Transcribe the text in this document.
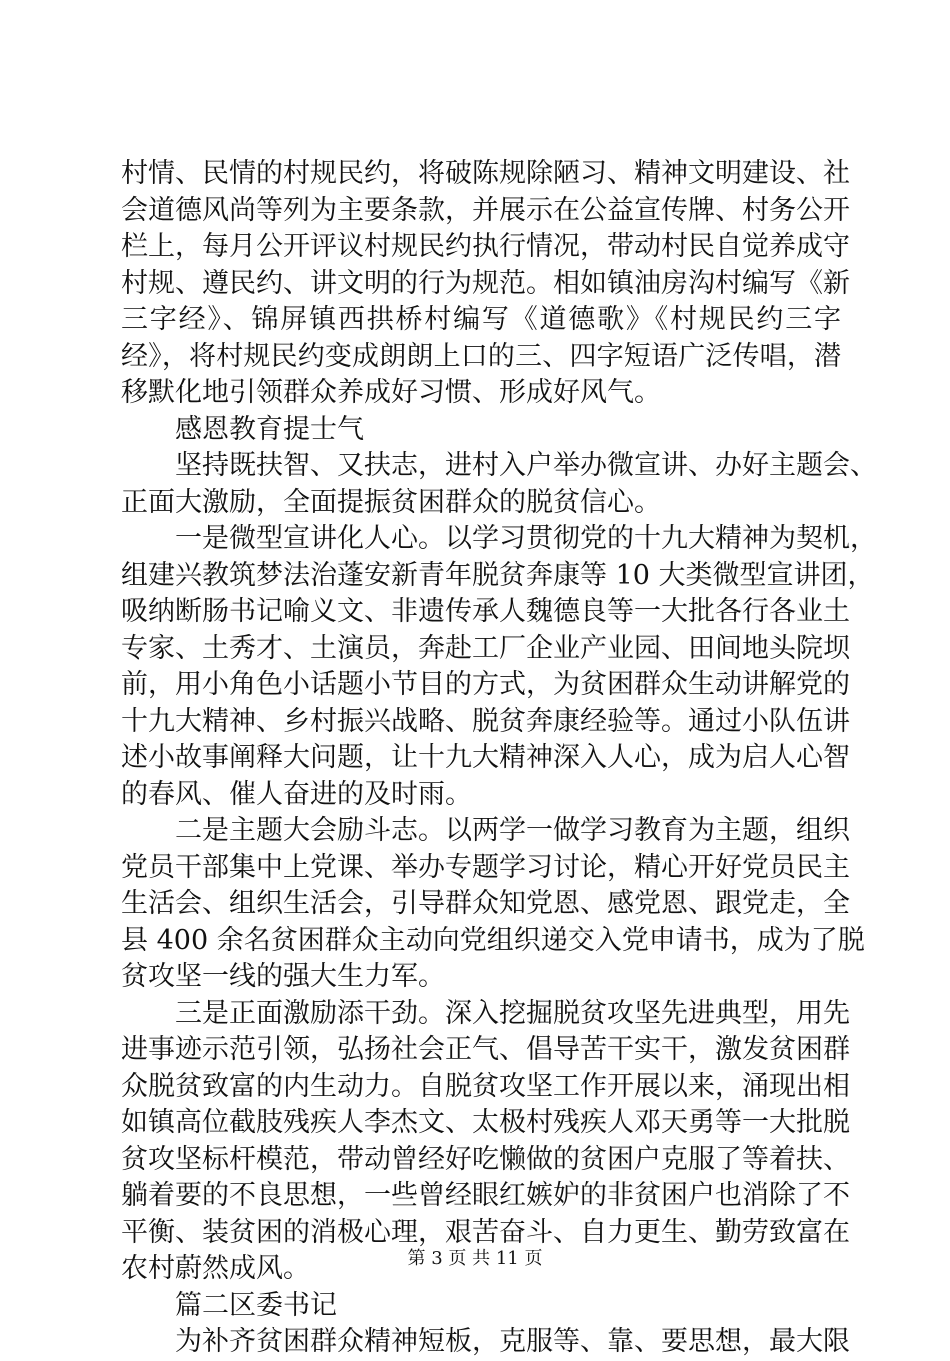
村情、民情的村规民约，将破陈规除陋习、精神文明建设、社
会道德风尚等列为主要条款，并展示在公益宣传牌、村务公开
栏上，每月公开评议村规民约执行情况，带动村民自觉养成守
村规、遵民约、讲文明的行为规范。相如镇油房沟村编写《新
三字经》、锦屏镇西拱桥村编写《道德歌》《村规民约三字
经》，将村规民约变成朗朗上口的三、四字短语广泛传唱，潜
移默化地引领群众养成好习惯、形成好风气。
　　感恩教育提士气
　　坚持既扶智、又扶志，进村入户举办微宣讲、办好主题会、
正面大激励，全面提振贫困群众的脱贫信心。
　　一是微型宣讲化人心。以学习贯彻党的十九大精神为契机，
组建兴教筑梦法治蓬安新青年脱贫奔康等 10 大类微型宣讲团，
吸纳断肠书记喻义文、非遗传承人魏德良等一大批各行各业土
专家、土秀才、土演员，奔赴工厂企业产业园、田间地头院坝
前，用小角色小话题小节目的方式，为贫困群众生动讲解党的
十九大精神、乡村振兴战略、脱贫奔康经验等。通过小队伍讲
述小故事阐释大问题，让十九大精神深入人心，成为启人心智
的春风、催人奋进的及时雨。
　　二是主题大会励斗志。以两学一做学习教育为主题，组织
党员干部集中上党课、举办专题学习讨论，精心开好党员民主
生活会、组织生活会，引导群众知党恩、感党恩、跟党走，全
县 400 余名贫困群众主动向党组织递交入党申请书，成为了脱
贫攻坚一线的强大生力军。
　　三是正面激励添干劲。深入挖掘脱贫攻坚先进典型，用先
进事迹示范引领，弘扬社会正气、倡导苦干实干，激发贫困群
众脱贫致富的内生动力。自脱贫攻坚工作开展以来，涌现出相
如镇高位截肢残疾人李杰文、太极村残疾人邓天勇等一大批脱
贫攻坚标杆模范，带动曾经好吃懒做的贫困户克服了等着扶、
躺着要的不良思想，一些曾经眼红嫉妒的非贫困户也消除了不
平衡、装贫困的消极心理，艰苦奋斗、自力更生、勤劳致富在
农村蔚然成风。
　　篇二区委书记
　　为补齐贫困群众精神短板，克服等、靠、要思想，最大限
第 3 页 共 11 页
